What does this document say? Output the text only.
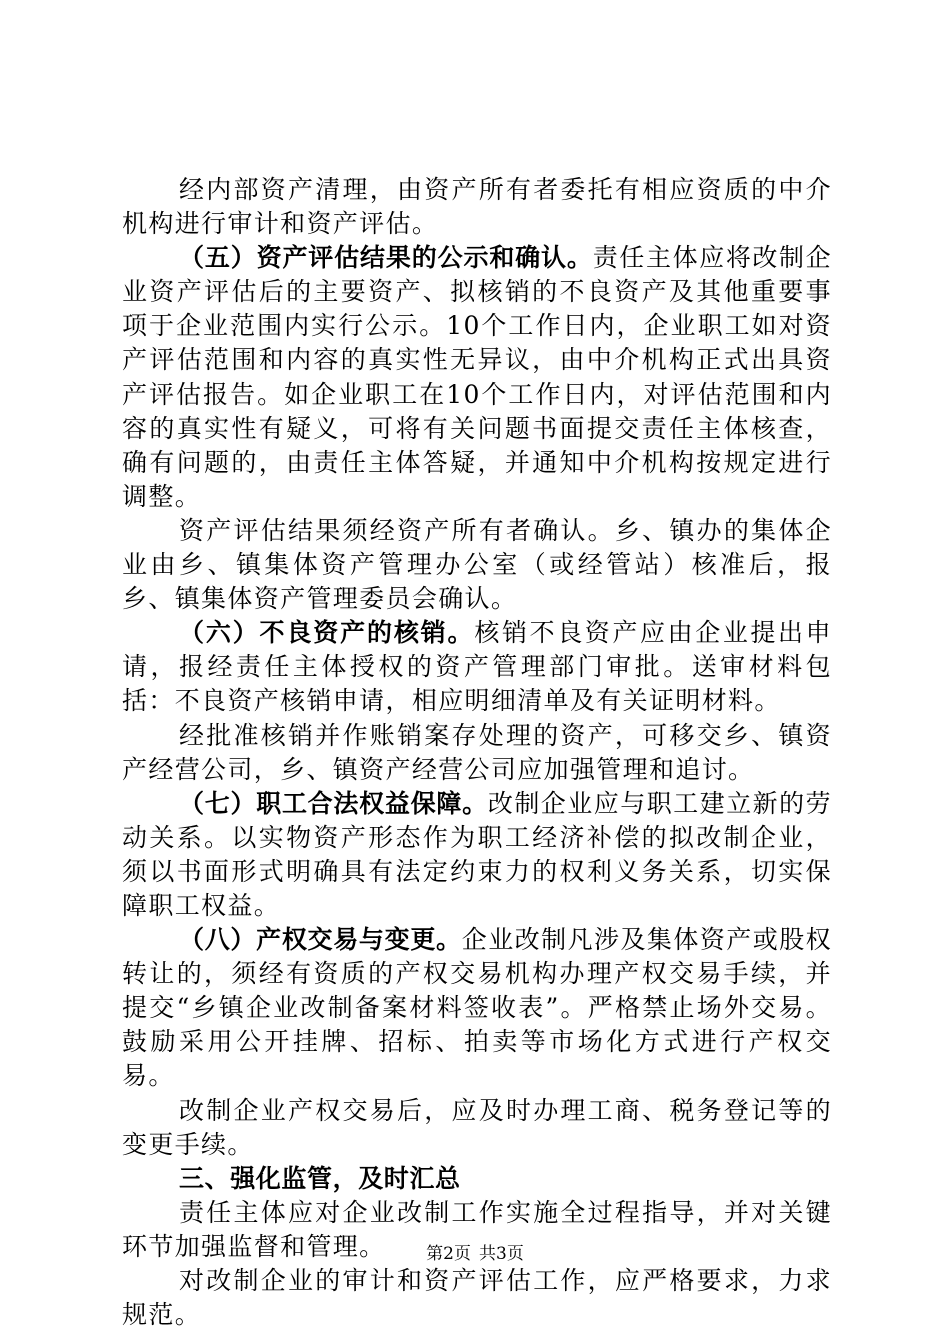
经内部资产清理，由资产所有者委托有相应资质的中介机构进行审计和资产评估。

（五）资产评估结果的公示和确认。责任主体应将改制企业资产评估后的主要资产、拟核销的不良资产及其他重要事项于企业范围内实行公示。10个工作日内，企业职工如对资产评估范围和内容的真实性无异议，由中介机构正式出具资产评估报告。如企业职工在10个工作日内，对评估范围和内容的真实性有疑义，可将有关问题书面提交责任主体核查，确有问题的，由责任主体答疑，并通知中介机构按规定进行调整。

资产评估结果须经资产所有者确认。乡、镇办的集体企业由乡、镇集体资产管理办公室（或经管站）核准后，报乡、镇集体资产管理委员会确认。

（六）不良资产的核销。核销不良资产应由企业提出申请，报经责任主体授权的资产管理部门审批。送审材料包括：不良资产核销申请，相应明细清单及有关证明材料。

经批准核销并作账销案存处理的资产，可移交乡、镇资产经营公司，乡、镇资产经营公司应加强管理和追讨。

（七）职工合法权益保障。改制企业应与职工建立新的劳动关系。以实物资产形态作为职工经济补偿的拟改制企业，须以书面形式明确具有法定约束力的权利义务关系，切实保障职工权益。

（八）产权交易与变更。企业改制凡涉及集体资产或股权转让的，须经有资质的产权交易机构办理产权交易手续，并提交“乡镇企业改制备案材料签收表”。严格禁止场外交易。鼓励采用公开挂牌、招标、拍卖等市场化方式进行产权交易。

改制企业产权交易后，应及时办理工商、税务登记等的变更手续。

三、强化监管，及时汇总

责任主体应对企业改制工作实施全过程指导，并对关键环节加强监督和管理。

对改制企业的审计和资产评估工作，应严格要求，力求规范。

第2页 共3页
